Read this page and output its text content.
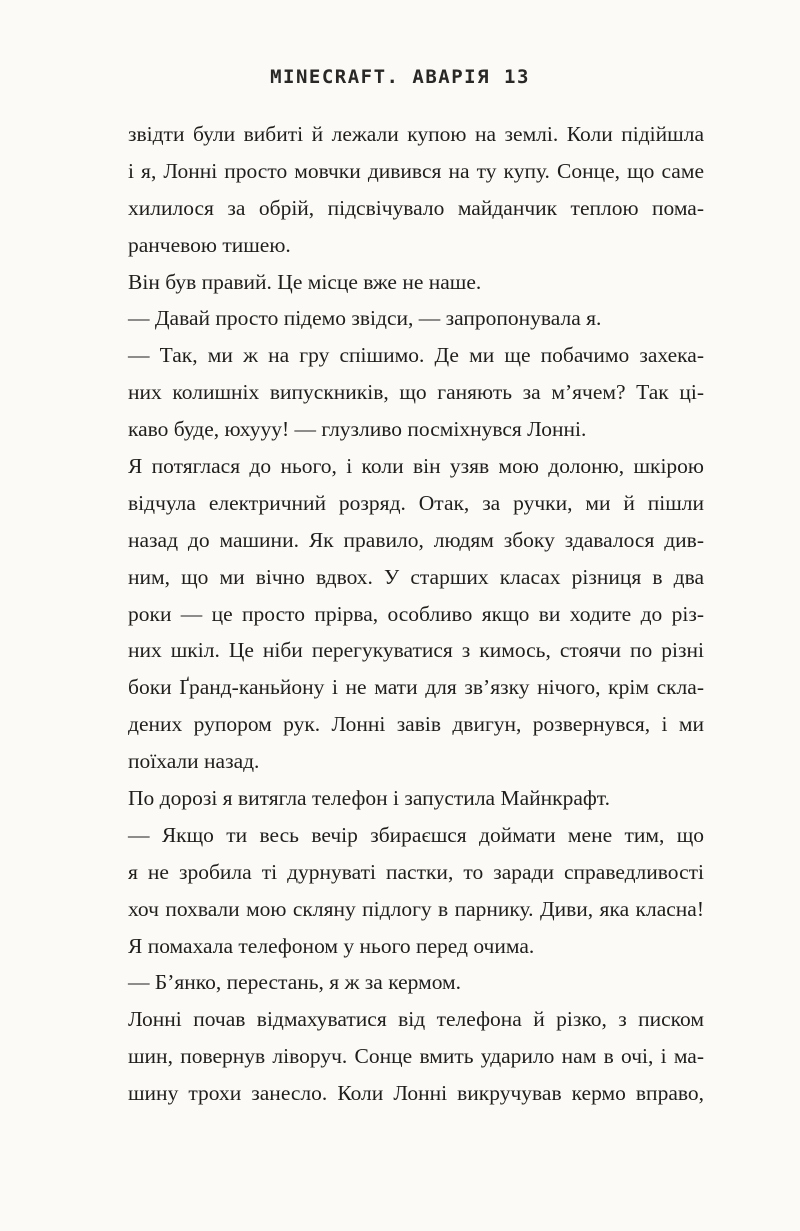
MINECRAFT. АВАРІЯ 13
звідти були вибиті й лежали купою на землі. Коли підійшла
і я, Лонні просто мовчки дивився на ту купу. Сонце, що саме
хилилося за обрій, підсвічувало майданчик теплою пома-
ранчевою тишею.
Він був правий. Це місце вже не наше.
— Давай просто підемо звідси, — запропонувала я.
— Так, ми ж на гру спішимо. Де ми ще побачимо захека-
них колишніх випускників, що ганяють за м’ячем? Так ці-
каво буде, юхууу! — глузливо посміхнувся Лонні.
Я потяглася до нього, і коли він узяв мою долоню, шкірою
відчула електричний розряд. Отак, за ручки, ми й пішли
назад до машини. Як правило, людям збоку здавалося див-
ним, що ми вічно вдвох. У старших класах різниця в два
роки — це просто прірва, особливо якщо ви ходите до різ-
них шкіл. Це ніби перегукуватися з кимось, стоячи по різні
боки Ґранд-каньйону і не мати для зв’язку нічого, крім скла-
дених рупором рук. Лонні завів двигун, розвернувся, і ми
поїхали назад.
По дорозі я витягла телефон і запустила Майнкрафт.
— Якщо ти весь вечір збираєшся доймати мене тим, що
я не зробила ті дурнуваті пастки, то заради справедливості
хоч похвали мою скляну підлогу в парнику. Диви, яка класна!
Я помахала телефоном у нього перед очима.
— Б’янко, перестань, я ж за кермом.
Лонні почав відмахуватися від телефона й різко, з писком
шин, повернув ліворуч. Сонце вмить ударило нам в очі, і ма-
шину трохи занесло. Коли Лонні викручував кермо вправо,
